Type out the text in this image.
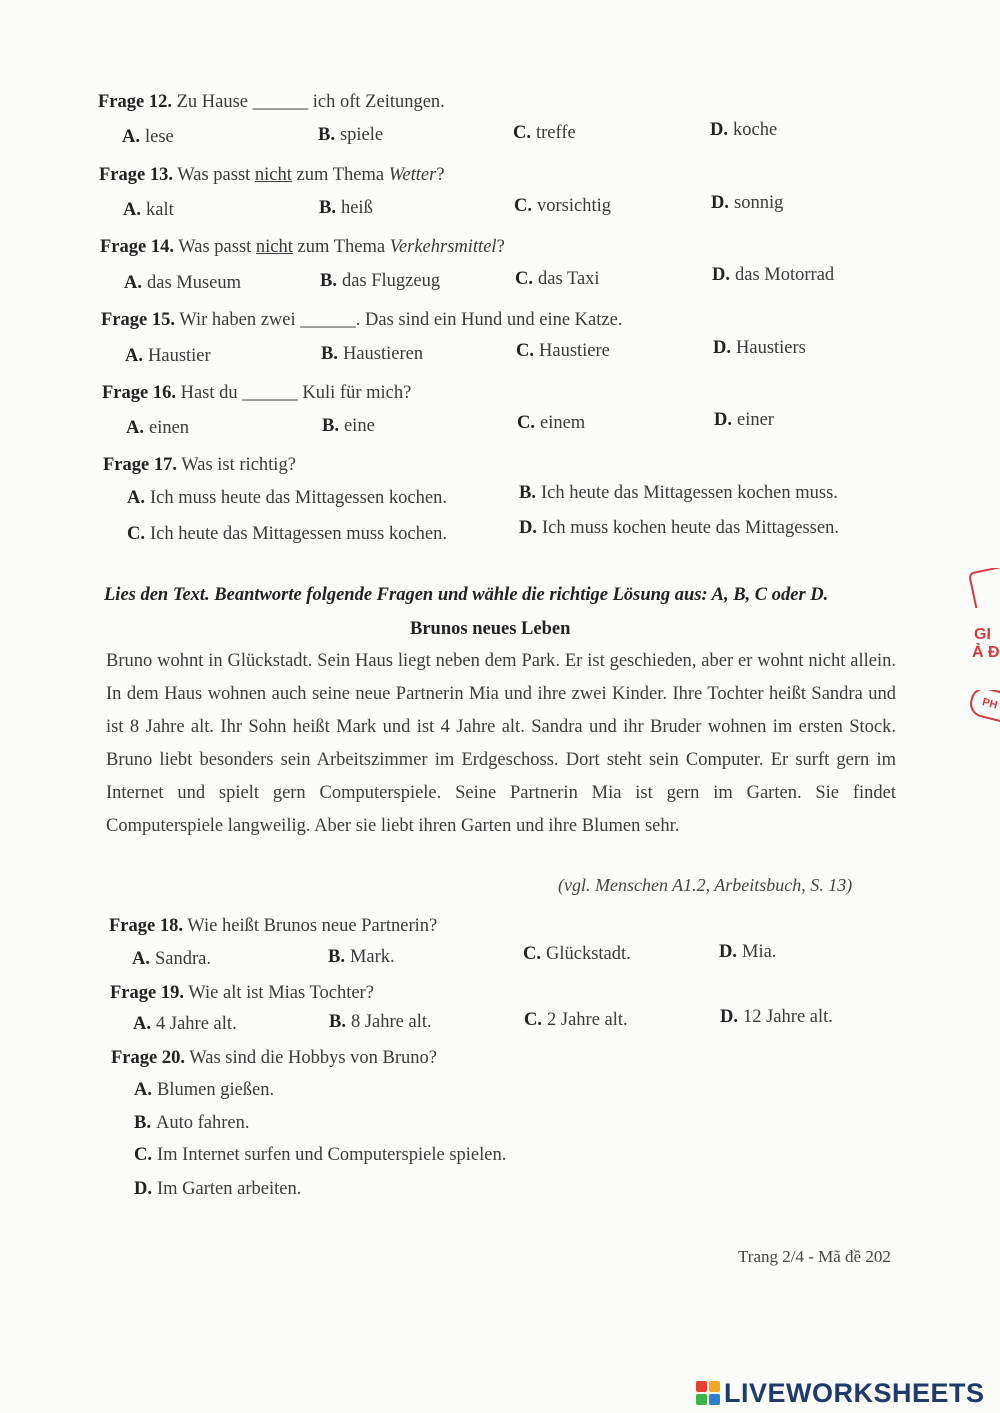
Frage 12. Zu Hause ______ ich oft Zeitungen.
A. lese	B. spiele	C. treffe	D. koche
Frage 13. Was passt nicht zum Thema Wetter?
A. kalt	B. heiß	C. vorsichtig	D. sonnig
Frage 14. Was passt nicht zum Thema Verkehrsmittel?
A. das Museum	B. das Flugzeug	C. das Taxi	D. das Motorrad
Frage 15. Wir haben zwei ______. Das sind ein Hund und eine Katze.
A. Haustier	B. Haustieren	C. Haustiere	D. Haustiers
Frage 16. Hast du ______ Kuli für mich?
A. einen	B. eine	C. einem	D. einer
Frage 17. Was ist richtig?
A. Ich muss heute das Mittagessen kochen.	B. Ich heute das Mittagessen kochen muss.
C. Ich heute das Mittagessen muss kochen.	D. Ich muss kochen heute das Mittagessen.
Lies den Text. Beantworte folgende Fragen und wähle die richtige Lösung aus: A, B, C oder D.
Brunos neues Leben

Bruno wohnt in Glückstadt. Sein Haus liegt neben dem Park. Er ist geschieden, aber er wohnt nicht allein. In dem Haus wohnen auch seine neue Partnerin Mia und ihre zwei Kinder. Ihre Tochter heißt Sandra und ist 8 Jahre alt. Ihr Sohn heißt Mark und ist 4 Jahre alt. Sandra und ihr Bruder wohnen im ersten Stock. Bruno liebt besonders sein Arbeitszimmer im Erdgeschoss. Dort steht sein Computer. Er surft gern im Internet und spielt gern Computerspiele. Seine Partnerin Mia ist gern im Garten. Sie findet Computerspiele langweilig. Aber sie liebt ihren Garten und ihre Blumen sehr.

(vgl. Menschen A1.2, Arbeitsbuch, S. 13)
Frage 18. Wie heißt Brunos neue Partnerin?
A. Sandra.	B. Mark.	C. Glückstadt.	D. Mia.
Frage 19. Wie alt ist Mias Tochter?
A. 4 Jahre alt.	B. 8 Jahre alt.	C. 2 Jahre alt.	D. 12 Jahre alt.
Frage 20. Was sind die Hobbys von Bruno?
A. Blumen gießen.
B. Auto fahren.
C. Im Internet surfen und Computerspiele spielen.
D. Im Garten arbeiten.
Trang 2/4 - Mã đề 202
GI
Ả Đ
PH
LIVEWORKSHEETS
